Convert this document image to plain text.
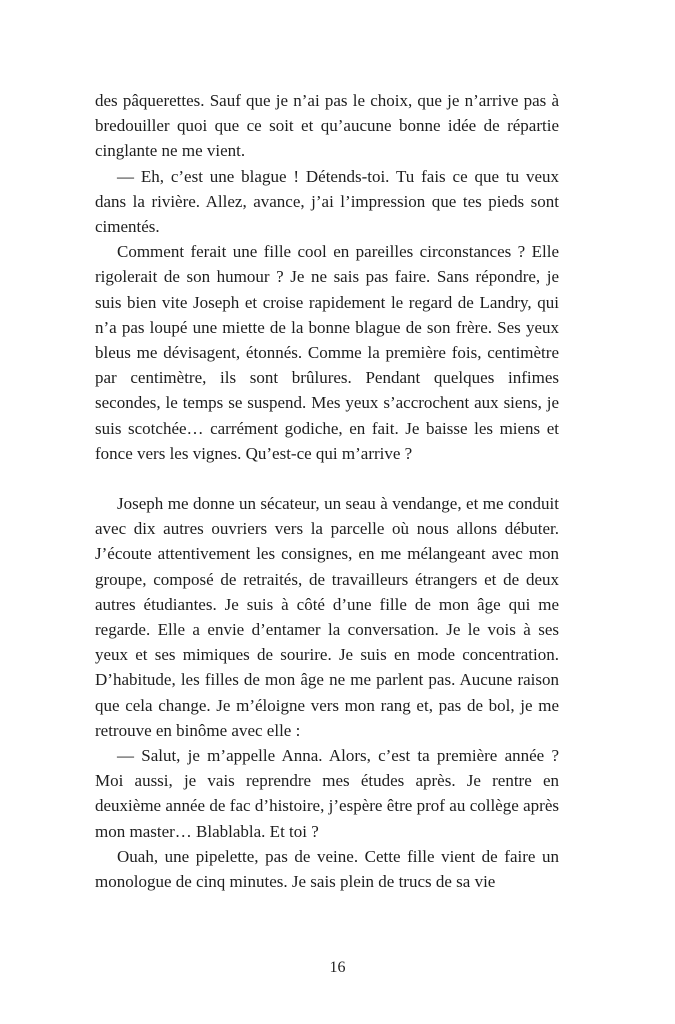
des pâquerettes. Sauf que je n’ai pas le choix, que je n’arrive pas à bredouiller quoi que ce soit et qu’aucune bonne idée de répartie cinglante ne me vient.

— Eh, c’est une blague ! Détends-toi. Tu fais ce que tu veux dans la rivière. Allez, avance, j’ai l’impression que tes pieds sont cimentés.

Comment ferait une fille cool en pareilles circonstances ? Elle rigolerait de son humour ? Je ne sais pas faire. Sans répondre, je suis bien vite Joseph et croise rapidement le regard de Landry, qui n’a pas loupé une miette de la bonne blague de son frère. Ses yeux bleus me dévisagent, étonnés. Comme la première fois, centimètre par centimètre, ils sont brûlures. Pendant quelques infimes secondes, le temps se suspend. Mes yeux s’accrochent aux siens, je suis scotchée… carrément godiche, en fait. Je baisse les miens et fonce vers les vignes. Qu’est-ce qui m’arrive ?

Joseph me donne un sécateur, un seau à vendange, et me conduit avec dix autres ouvriers vers la parcelle où nous allons débuter. J’écoute attentivement les consignes, en me mélangeant avec mon groupe, composé de retraités, de travailleurs étrangers et de deux autres étudiantes. Je suis à côté d’une fille de mon âge qui me regarde. Elle a envie d’entamer la conversation. Je le vois à ses yeux et ses mimiques de sourire. Je suis en mode concentration. D’habitude, les filles de mon âge ne me parlent pas. Aucune raison que cela change. Je m’éloigne vers mon rang et, pas de bol, je me retrouve en binôme avec elle :

— Salut, je m’appelle Anna. Alors, c’est ta première année ? Moi aussi, je vais reprendre mes études après. Je rentre en deuxième année de fac d’histoire, j’espère être prof au collège après mon master… Blablabla. Et toi ?

Ouah, une pipelette, pas de veine. Cette fille vient de faire un monologue de cinq minutes. Je sais plein de trucs de sa vie

16
